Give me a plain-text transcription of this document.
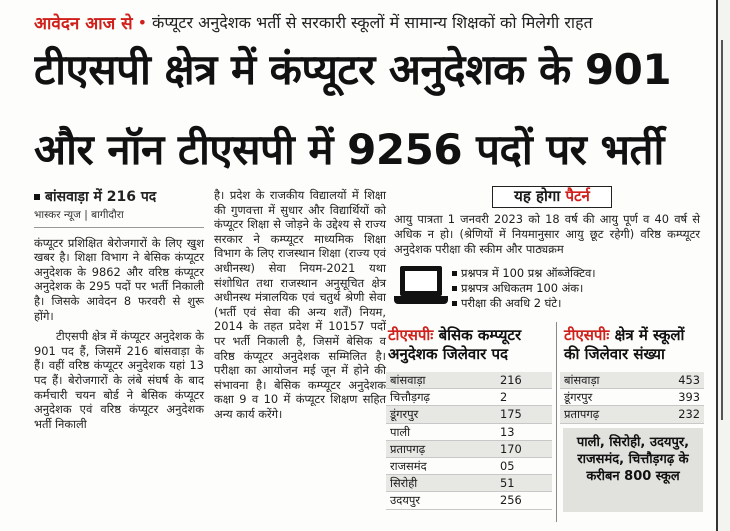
आवेदन आज से • कंप्यूटर अनुदेशक भर्ती से सरकारी स्कूलों में सामान्य शिक्षकों को मिलेगी राहत
टीएसपी क्षेत्र में कंप्यूटर अनुदेशक के 901
और नॉन टीएसपी में 9256 पदों पर भर्ती
बांसवाड़ा में 216 पद
भास्कर न्यूज | बागीदौरा

कंप्यूटर प्रशिक्षित बेरोजगारों के लिए खुश खबर है। शिक्षा विभाग ने बेसिक कंप्यूटर अनुदेशक के 9862 और वरिष्ठ कंप्यूटर अनुदेशक के 295 पदों पर भर्ती निकाली है। जिसके आवेदन 8 फरवरी से शुरू होंगे।

टीएसपी क्षेत्र में कंप्यूटर अनुदेशक के 901 पद हैं, जिसमें 216 बांसवाड़ा के हैं। वहीं वरिष्ठ कंप्यूटर अनुदेशक यहां 13 पद हैं। बेरोजगारों के लंबे संघर्ष के बाद कर्मचारी चयन बोर्ड ने बेसिक कंप्यूटर अनुदेशक एवं वरिष्ठ कंप्यूटर अनुदेशक भर्ती निकाली

है। प्रदेश के राजकीय विद्यालयों में शिक्षा की गुणवत्ता में सुधार और विद्यार्थियों को कंप्यूटर शिक्षा से जोड़ने के उद्देश्य से राज्य सरकार ने कम्प्यूटर माध्यमिक शिक्षा विभाग के लिए राजस्थान शिक्षा (राज्य एवं अधीनस्थ) सेवा नियम-2021 यथा संशोधित तथा राजस्थान अनुसूचित क्षेत्र अधीनस्थ मंत्रालयिक एवं चतुर्थ श्रेणी सेवा (भर्ती एवं सेवा की अन्य शर्तें) नियम, 2014 के तहत प्रदेश में 10157 पदों पर भर्ती निकाली है, जिसमें बेसिक व वरिष्ठ कंप्यूटर अनुदेशक सम्मिलित है। परीक्षा का आयोजन मई जून में होने की संभावना है। बेसिक कम्प्यूटर अनुदेशक कक्षा 9 व 10 में कंप्यूटर शिक्षण सहित अन्य कार्य करेंगे।

यह होगा पैटर्न
आयु पात्रता 1 जनवरी 2023 को 18 वर्ष की आयु पूर्ण व 40 वर्ष से अधिक न हो। (श्रेणियों में नियमानुसार आयु छूट रहेगी) वरिष्ठ कम्प्यूटर अनुदेशक परीक्षा की स्कीम और पाठ्यक्रम
प्रश्नपत्र में 100 प्रश्न ऑब्जेक्टिव।
प्रश्नपत्र अधिकतम 100 अंक।
परीक्षा की अवधि 2 घंटे।
टीएसपीः बेसिक कम्प्यूटर अनुदेशक जिलेवार पद
टीएसपीः क्षेत्र में स्कूलों की जिलेवार संख्या
बांसवाड़ा	216
चित्तौड़गढ़	2
डूंगरपुर	175
पाली	13
प्रतापगढ़	170
राजसमंद	05
सिरोही	51
उदयपुर	256
बांसवाड़ा	453
डूंगरपुर	393
प्रतापगढ़	232
पाली, सिरोही, उदयपुर, राजसमंद, चित्तौड़गढ़ के करीबन 800 स्कूल
